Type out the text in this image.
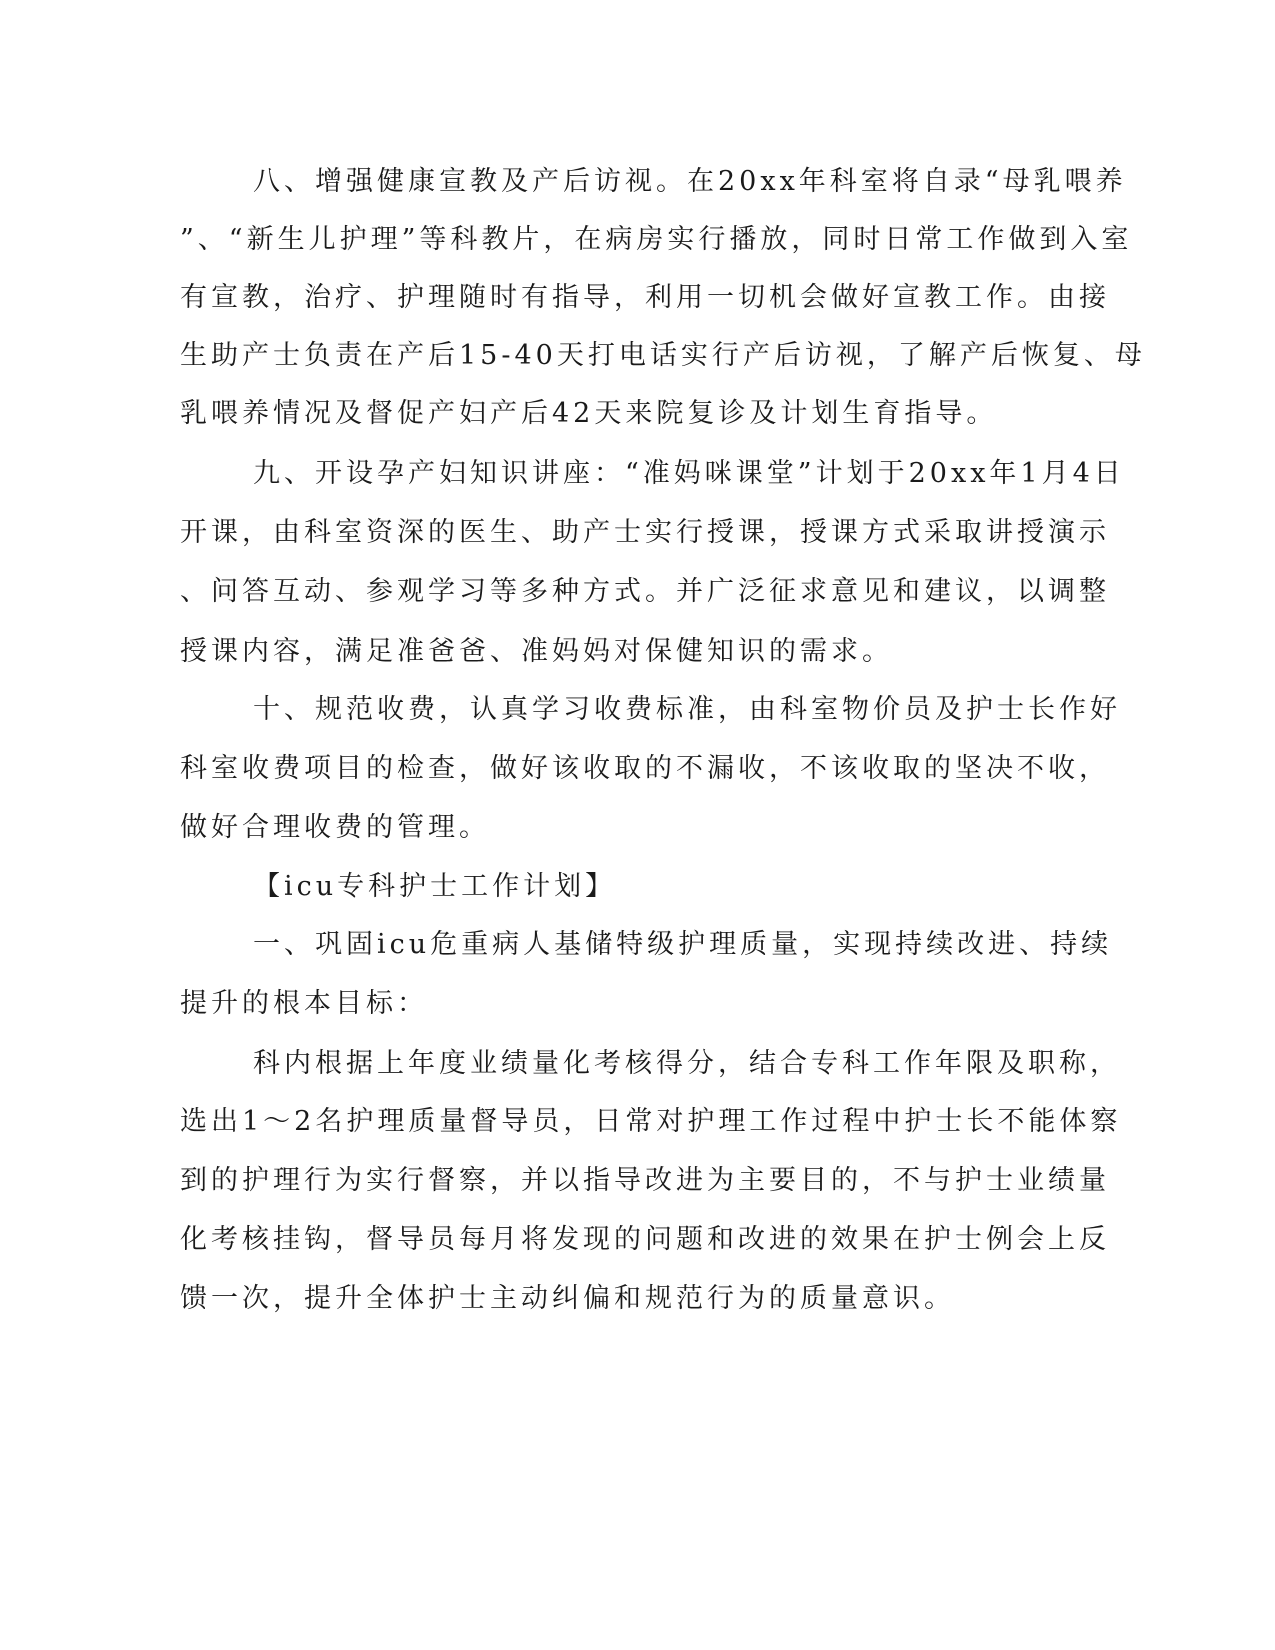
八、增强健康宣教及产后访视。在20xx年科室将自录“母乳喂养
”、“新生儿护理”等科教片，在病房实行播放，同时日常工作做到入室
有宣教，治疗、护理随时有指导，利用一切机会做好宣教工作。由接
生助产士负责在产后15-40天打电话实行产后访视，了解产后恢复、母
乳喂养情况及督促产妇产后42天来院复诊及计划生育指导。
九、开设孕产妇知识讲座：“准妈咪课堂”计划于20xx年1月4日
开课，由科室资深的医生、助产士实行授课，授课方式采取讲授演示
、问答互动、参观学习等多种方式。并广泛征求意见和建议，以调整
授课内容，满足准爸爸、准妈妈对保健知识的需求。
十、规范收费，认真学习收费标准，由科室物价员及护士长作好
科室收费项目的检查，做好该收取的不漏收，不该收取的坚决不收，
做好合理收费的管理。
【icu专科护士工作计划】
一、巩固icu危重病人基储特级护理质量，实现持续改进、持续
提升的根本目标：
科内根据上年度业绩量化考核得分，结合专科工作年限及职称，
选出1～2名护理质量督导员，日常对护理工作过程中护士长不能体察
到的护理行为实行督察，并以指导改进为主要目的，不与护士业绩量
化考核挂钩，督导员每月将发现的问题和改进的效果在护士例会上反
馈一次，提升全体护士主动纠偏和规范行为的质量意识。
